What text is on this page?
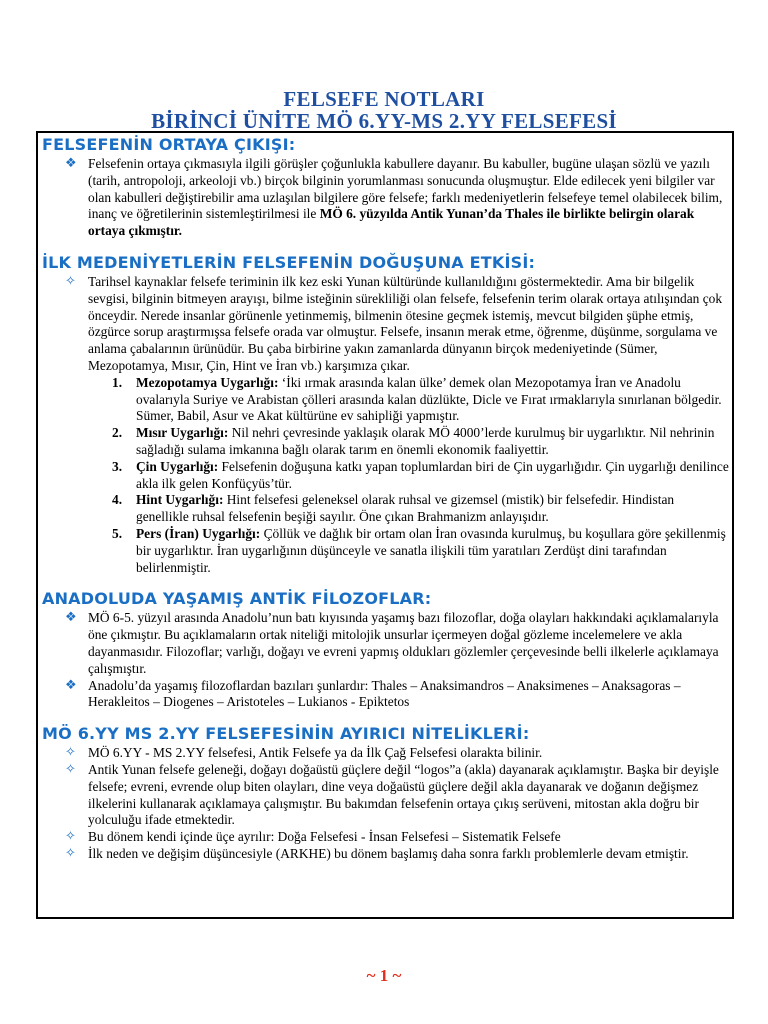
FELSEFE NOTLARI
BİRİNCİ ÜNİTE MÖ 6.YY-MS 2.YY FELSEFESİ
FELSEFENİN ORTAYA ÇIKIŞI:
❖ Felsefenin ortaya çıkmasıyla ilgili görüşler çoğunlukla kabullere dayanır. Bu kabuller, bugüne ulaşan sözlü ve yazılı (tarih, antropoloji, arkeoloji vb.) birçok bilginin yorumlanması sonucunda oluşmuştur. Elde edilecek yeni bilgiler var olan kabulleri değiştirebilir ama uzlaşılan bilgilere göre felsefe; farklı medeniyetlerin felsefeye temel olabilecek bilim, inanç ve öğretilerinin sistemleştirilmesi ile MÖ 6. yüzyılda Antik Yunan’da Thales ile birlikte belirgin olarak ortaya çıkmıştır.
İLK MEDENİYETLERİN FELSEFENİN DOĞUŞUNA ETKİSİ:
✧ Tarihsel kaynaklar felsefe teriminin ilk kez eski Yunan kültüründe kullanıldığını göstermektedir. Ama bir bilgelik sevgisi, bilginin bitmeyen arayışı, bilme isteğinin sürekliliği olan felsefe, felsefenin terim olarak ortaya atılışından çok önceydir. Nerede insanlar görünenle yetinmemiş, bilmenin ötesine geçmek istemiş, mevcut bilgiden şüphe etmiş, özgürce sorup araştırmışsa felsefe orada var olmuştur. Felsefe, insanın merak etme, öğrenme, düşünme, sorgulama ve anlama çabalarının ürünüdür. Bu çaba birbirine yakın zamanlarda dünyanın birçok medeniyetinde (Sümer, Mezopotamya, Mısır, Çin, Hint ve İran vb.) karşımıza çıkar.
1. Mezopotamya Uygarlığı: ‘İki ırmak arasında kalan ülke’ demek olan Mezopotamya İran ve Anadolu ovalarıyla Suriye ve Arabistan çölleri arasında kalan düzlükte, Dicle ve Fırat ırmaklarıyla sınırlanan bölgedir. Sümer, Babil, Asur ve Akat kültürüne ev sahipliği yapmıştır.
2. Mısır Uygarlığı: Nil nehri çevresinde yaklaşık olarak MÖ 4000’lerde kurulmuş bir uygarlıktır. Nil nehrinin sağladığı sulama imkanına bağlı olarak tarım en önemli ekonomik faaliyettir.
3. Çin Uygarlığı: Felsefenin doğuşuna katkı yapan toplumlardan biri de Çin uygarlığıdır. Çin uygarlığı denilince akla ilk gelen Konfüçyüs’tür.
4. Hint Uygarlığı: Hint felsefesi geleneksel olarak ruhsal ve gizemsel (mistik) bir felsefedir. Hindistan genellikle ruhsal felsefenin beşiği sayılır. Öne çıkan Brahmanizm anlayışıdır.
5. Pers (İran) Uygarlığı: Çöllük ve dağlık bir ortam olan İran ovasında kurulmuş, bu koşullara göre şekillenmiş bir uygarlıktır. İran uygarlığının düşünceyle ve sanatla ilişkili tüm yaratıları Zerdüşt dini tarafından belirlenmiştir.
ANADOLUDA YAŞAMIŞ ANTİK FİLOZOFLAR:
❖ MÖ 6-5. yüzyıl arasında Anadolu’nun batı kıyısında yaşamış bazı filozoflar, doğa olayları hakkındaki açıklamalarıyla öne çıkmıştır. Bu açıklamaların ortak niteliği mitolojik unsurlar içermeyen doğal gözleme incelemelere ve akla dayanmasıdır. Filozoflar; varlığı, doğayı ve evreni yapmış oldukları gözlemler çerçevesinde belli ilkelerle açıklamaya çalışmıştır.
❖ Anadolu’da yaşamış filozoflardan bazıları şunlardır: Thales – Anaksimandros – Anaksimenes – Anaksagoras – Herakleitos – Diogenes – Aristoteles – Lukianos - Epiktetos
MÖ 6.YY MS 2.YY FELSEFESİNİN AYIRICI NİTELİKLERİ:
✧ MÖ 6.YY - MS 2.YY felsefesi, Antik Felsefe ya da İlk Çağ Felsefesi olarakta bilinir.
✧ Antik Yunan felsefe geleneği, doğayı doğaüstü güçlere değil “logos”a (akla) dayanarak açıklamıştır. Başka bir deyişle felsefe; evreni, evrende olup biten olayları, dine veya doğaüstü güçlere değil akla dayanarak ve doğanın değişmez ilkelerini kullanarak açıklamaya çalışmıştır. Bu bakımdan felsefenin ortaya çıkış serüveni, mitostan akla doğru bir yolculuğu ifade etmektedir.
✧ Bu dönem kendi içinde üçe ayrılır: Doğa Felsefesi - İnsan Felsefesi – Sistematik Felsefe
✧ İlk neden ve değişim düşüncesiyle (ARKHE) bu dönem başlamış daha sonra farklı problemlerle devam etmiştir.
~ 1 ~
